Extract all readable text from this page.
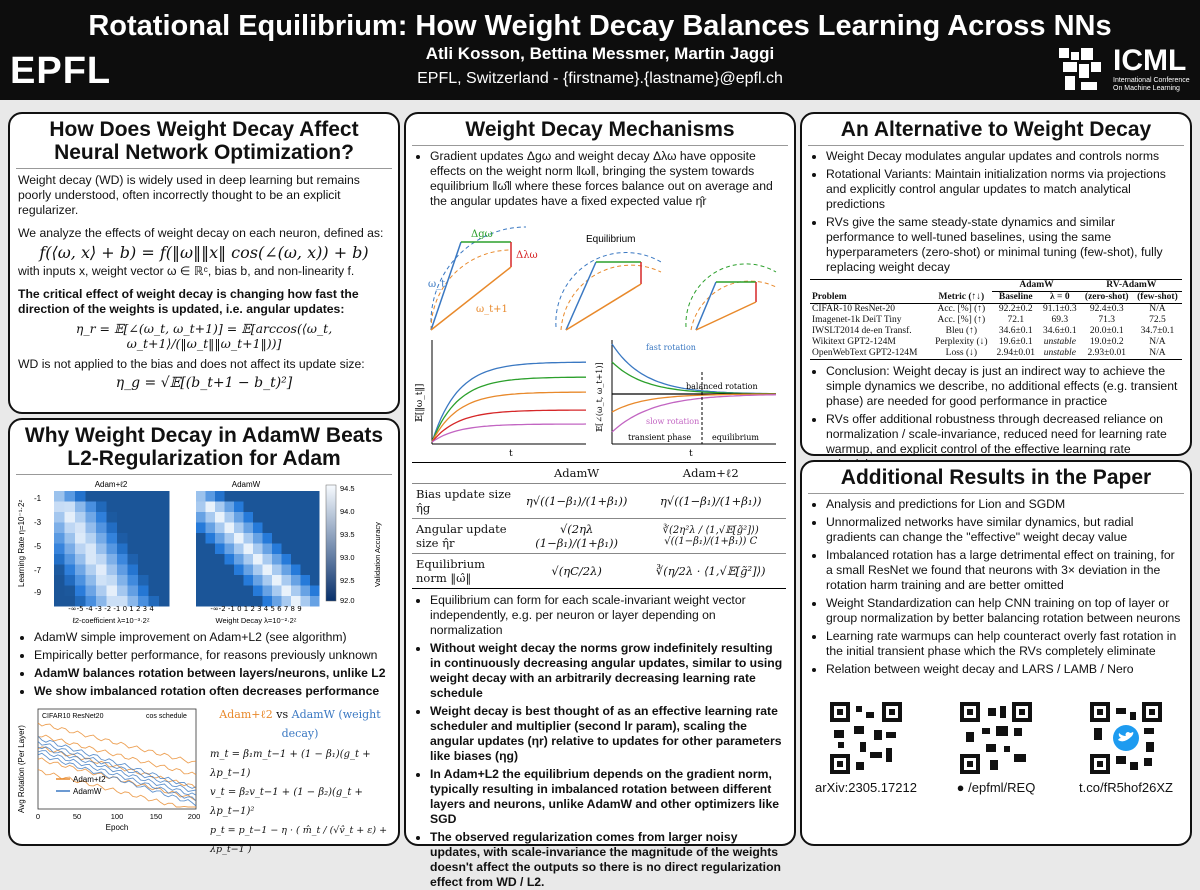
EPFL
Rotational Equilibrium: How Weight Decay Balances Learning Across NNs
Atli Kosson, Bettina Messmer, Martin Jaggi
EPFL, Switzerland - {firstname}.{lastname}@epfl.ch
ICML
International Conference On Machine Learning
How Does Weight Decay Affect Neural Network Optimization?
Weight decay (WD) is widely used in deep learning but remains poorly understood, often incorrectly thought to be an explicit regularizer.
We analyze the effects of weight decay on each neuron, defined as:
f(⟨ω, x⟩ + b) = f(‖ω‖‖x‖ cos(∠(ω, x)) + b)
with inputs x, weight vector ω ∈ ℝᶜ, bias b, and non-linearity f.
The critical effect of weight decay is changing how fast the direction of the weights is updated, i.e. angular updates:
η_r = 𝔼[∠(ω_t, ω_t+1)] = 𝔼[arccos(⟨ω_t, ω_t+1⟩/(‖ω_t‖‖ω_t+1‖))]
WD is not applied to the bias and does not affect its update size:
η_g = √𝔼[(b_t+1 − b_t)²]
Why Weight Decay in AdamW Beats L2-Regularization for Adam
Learning Rate η=10⁻¹·2ᶻ
-1
-3
-5
-7
-9
Adam+ℓ2	AdamW
-∞-5 -4 -3 -2 -1 0 1 2 3 4
ℓ2-coefficient λ=10⁻³·2ᶻ
-∞-2 -1 0 1 2 3 4 5 6 7 8 9
Weight Decay λ=10⁻²·2ᶻ
94.5
94.0
93.5
93.0
92.5
92.0
Validation Accuracy
• AdamW simple improvement on Adam+L2 (see algorithm)
• Empirically better performance, for reasons previously unknown
• AdamW balances rotation between layers/neurons, unlike L2
• We show imbalanced rotation often decreases performance
Avg Rotation (Per Layer)
CIFAR10 ResNet20	cos schedule
Adam+ℓ2
AdamW
0	50	100	150	200
Epoch
Adam+ℓ2 vs AdamW (weight decay)
m_t = β₁m_t−1 + (1 − β₁)(g_t + λp_t−1)
v_t = β₂v_t−1 + (1 − β₂)(g_t + λp_t−1)²
p_t = p_t−1 − η · ( m̂_t / (√v̂_t + ε) + λp_t−1 )
Weight Decay Mechanisms
• Gradient updates Δgω and weight decay Δλω have opposite effects on the weight norm ‖ω‖, bringing the system towards equilibrium ‖ω̂‖ where these forces balance out on average and the angular updates have a fixed expected value η̂r
Δgω
Δλω
ω_t
ω_t+1
Equilibrium
𝔼[‖ω_t‖]
t
𝔼[∠(ω_t, ω_t+1)]
fast rotation
balanced rotation
slow rotation
transient phase	equilibrium
t
	AdamW	Adam+ℓ2
Bias update size η̂g	η√((1−β₁)/(1+β₁))	η√((1−β₁)/(1+β₁))
Angular update size η̂r	√(2ηλ (1−β₁)/(1+β₁))	∛(2η²λ / ⟨1,√𝔼[g̃²]⟩) √((1−β₁)/(1+β₁)) C
Equilibrium norm ‖ω̂‖	√(ηC/2λ)	∛(η/2λ · ⟨1,√𝔼[g̃²]⟩)
• Equilibrium can form for each scale-invariant weight vector independently, e.g. per neuron or layer depending on normalization
• Without weight decay the norms grow indefinitely resulting in continuously decreasing angular updates, similar to using weight decay with an arbitrarily decreasing learning rate schedule
• Weight decay is best thought of as an effective learning rate scheduler and multiplier (second lr param), scaling the angular updates (ηr) relative to updates for other parameters like biases (ηg)
• In Adam+L2 the equilibrium depends on the gradient norm, typically resulting in imbalanced rotation between different layers and neurons, unlike AdamW and other optimizers like SGD
• The observed regularization comes from larger noisy updates, with scale-invariance the magnitude of the weights doesn't affect the outputs so there is no direct regularization effect from WD / L2.
An Alternative to Weight Decay
• Weight Decay modulates angular updates and controls norms
• Rotational Variants: Maintain initialization norms via projections and explicitly control angular updates to match analytical predictions
• RVs give the same steady-state dynamics and similar performance to well-tuned baselines, using the same hyperparameters (zero-shot) or minimal tuning (few-shot), fully replacing weight decay
		AdamW		RV-AdamW	
Problem	Metric (↑↓)	Baseline	λ = 0	(zero-shot)	(few-shot)
CIFAR-10 ResNet-20	Acc. [%] (↑)	92.2±0.2	91.1±0.3	92.4±0.3	N/A
Imagenet-1k DeiT Tiny	Acc. [%] (↑)	72.1	69.3	71.3	72.5
IWSLT2014 de-en Transf.	Bleu (↑)	34.6±0.1	34.6±0.1	20.0±0.1	34.7±0.1
Wikitext GPT2-124M	Perplexity (↓)	19.6±0.1	unstable	19.0±0.2	N/A
OpenWebText GPT2-124M	Loss (↓)	2.94±0.01	unstable	2.93±0.01	N/A
• Conclusion: Weight decay is just an indirect way to achieve the simple dynamics we describe, no additional effects (e.g. transient phase) are needed for good performance in practice
• RVs offer additional robustness through decreased reliance on normalization / scale-invariance, reduced need for learning rate warmup, and explicit control of the effective learning rate
Additional Results in the Paper
• Analysis and predictions for Lion and SGDM
• Unnormalized networks have similar dynamics, but radial gradients can change the "effective" weight decay value
• Imbalanced rotation has a large detrimental effect on training, for a small ResNet we found that neurons with 3× deviation in the rotation harm training and are better omitted
• Weight Standardization can help CNN training on top of layer or group normalization by better balancing rotation between neurons
• Learning rate warmups can help counteract overly fast rotation in the initial transient phase which the RVs completely eliminate
• Relation between weight decay and LARS / LAMB / Nero
arXiv:2305.17212	● /epfml/REQ	t.co/fR5hof26XZ
